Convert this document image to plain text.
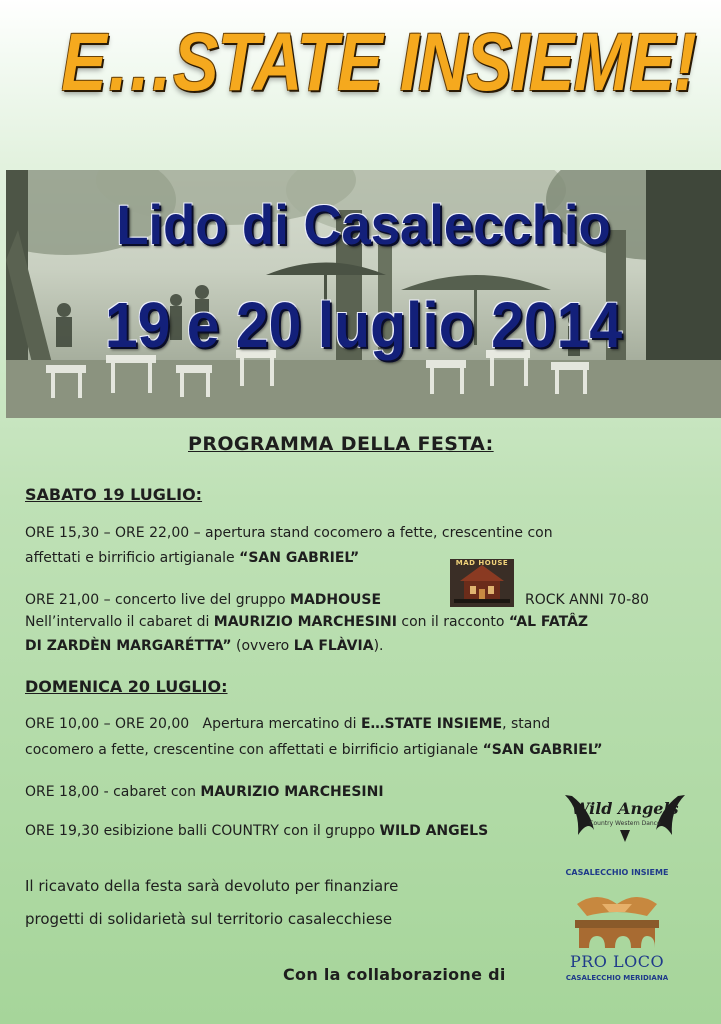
E…STATE INSIEME!
Lido di Casalecchio
19 e 20 luglio 2014
PROGRAMMA DELLA FESTA:
SABATO 19 LUGLIO:
ORE 15,30 – ORE 22,00 – apertura stand cocomero a fette, crescentine con
affettati e birrificio artigianale “SAN GABRIEL”
ORE 21,00 – concerto live del gruppo MADHOUSE	ROCK ANNI 70-80
MAD HOUSE
Nell’intervallo il cabaret di MAURIZIO MARCHESINI con il racconto “AL FATÂZ
DI ZARDÈN MARGARÉTTA” (ovvero LA FLÀVIA).
DOMENICA 20 LUGLIO:
ORE 10,00 – ORE 20,00   Apertura mercatino di E…STATE INSIEME, stand
cocomero a fette, crescentine con affettati e birrificio artigianale “SAN GABRIEL”
ORE 18,00 - cabaret con MAURIZIO MARCHESINI
ORE 19,30 esibizione balli COUNTRY con il gruppo WILD ANGELS
Wild Angels
Country Western Dance
Il ricavato della festa sarà devoluto per finanziare
progetti di solidarietà sul territorio casalecchiese
Con la collaborazione di
CASALECCHIO INSIEME
PRO LOCO
CASALECCHIO MERIDIANA
